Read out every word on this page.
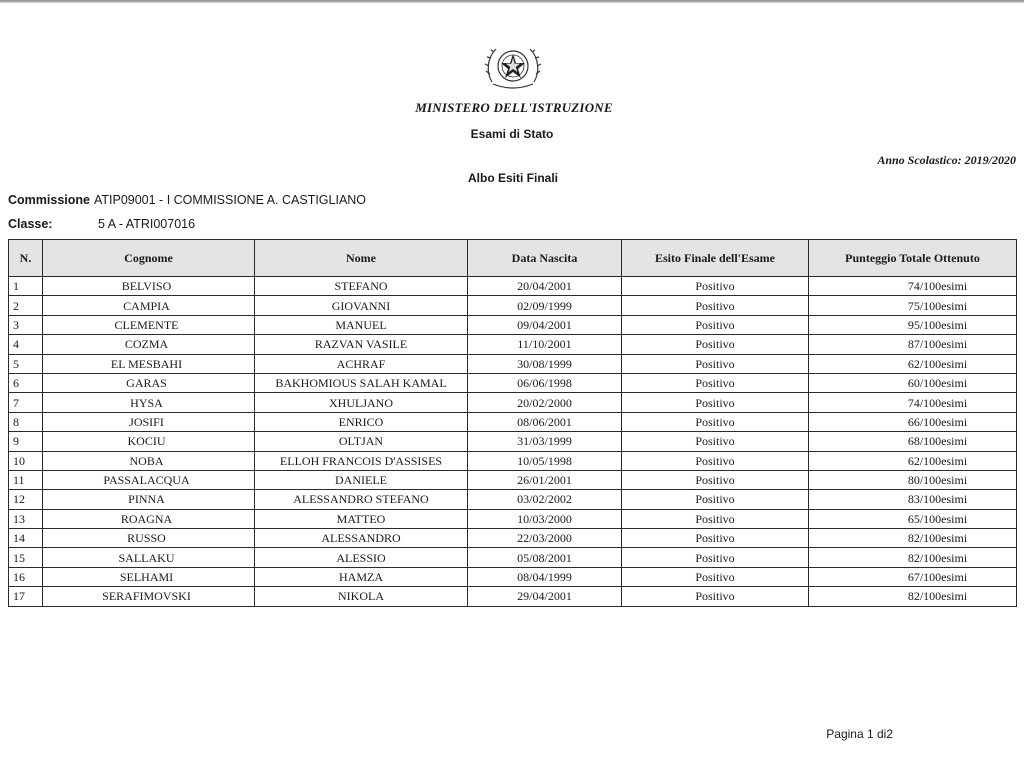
MINISTERO DELL'ISTRUZIONE
Esami di Stato
Anno Scolastico: 2019/2020
Albo Esiti Finali
Commissione ATIP09001 - I COMMISSIONE A. CASTIGLIANO
Classe:	5 A - ATRI007016
N.	Cognome	Nome	Data Nascita	Esito Finale dell'Esame	Punteggio Totale Ottenuto
1	BELVISO	STEFANO	20/04/2001	Positivo	74/100esimi
2	CAMPIA	GIOVANNI	02/09/1999	Positivo	75/100esimi
3	CLEMENTE	MANUEL	09/04/2001	Positivo	95/100esimi
4	COZMA	RAZVAN VASILE	11/10/2001	Positivo	87/100esimi
5	EL MESBAHI	ACHRAF	30/08/1999	Positivo	62/100esimi
6	GARAS	BAKHOMIOUS SALAH KAMAL	06/06/1998	Positivo	60/100esimi
7	HYSA	XHULJANO	20/02/2000	Positivo	74/100esimi
8	JOSIFI	ENRICO	08/06/2001	Positivo	66/100esimi
9	KOCIU	OLTJAN	31/03/1999	Positivo	68/100esimi
10	NOBA	ELLOH FRANCOIS D'ASSISES	10/05/1998	Positivo	62/100esimi
11	PASSALACQUA	DANIELE	26/01/2001	Positivo	80/100esimi
12	PINNA	ALESSANDRO STEFANO	03/02/2002	Positivo	83/100esimi
13	ROAGNA	MATTEO	10/03/2000	Positivo	65/100esimi
14	RUSSO	ALESSANDRO	22/03/2000	Positivo	82/100esimi
15	SALLAKU	ALESSIO	05/08/2001	Positivo	82/100esimi
16	SELHAMI	HAMZA	08/04/1999	Positivo	67/100esimi
17	SERAFIMOVSKI	NIKOLA	29/04/2001	Positivo	82/100esimi
Pagina 1 di2
